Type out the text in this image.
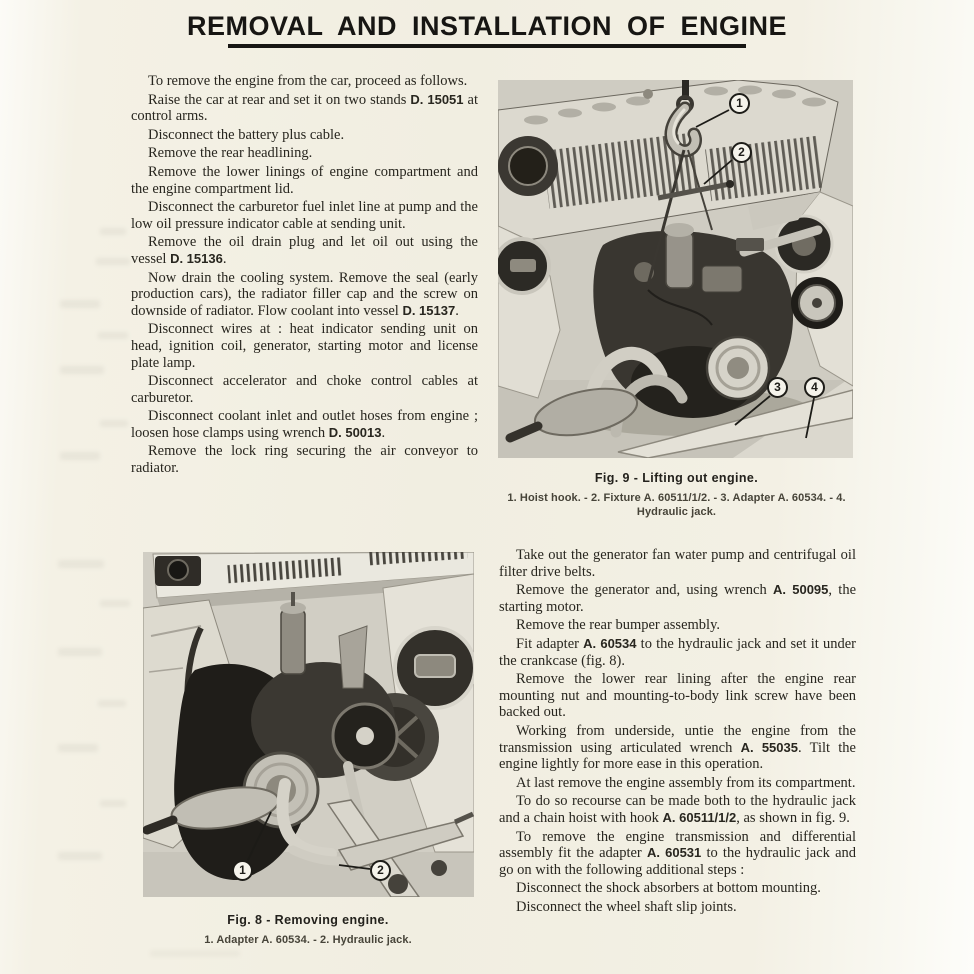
REMOVAL AND INSTALLATION OF ENGINE

To remove the engine from the car, proceed as follows.

Raise the car at rear and set it on two stands D. 15051 at control arms.

Disconnect the battery plus cable.

Remove the rear headlining.

Remove the lower linings of engine compartment and the engine compartment lid.

Disconnect the carburetor fuel inlet line at pump and the low oil pressure indicator cable at sending unit.

Remove the oil drain plug and let oil out using the vessel D. 15136.

Now drain the cooling system. Remove the seal (early production cars), the radiator filler cap and the screw on downside of radiator. Flow coolant into vessel D. 15137.

Disconnect wires at : heat indicator sending unit on head, ignition coil, generator, starting motor and license plate lamp.

Disconnect accelerator and choke control cables at carburetor.

Disconnect coolant inlet and outlet hoses from engine ; loosen hose clamps using wrench D. 50013.

Remove the lock ring securing the air conveyor to radiator.

1
2
3	4
Fig. 9 - Lifting out engine.
1. Hoist hook. - 2. Fixture A. 60511/1/2. - 3. Adapter A. 60534. - 4. Hydraulic jack.
1	2
Fig. 8 - Removing engine.
1. Adapter A. 60534. - 2. Hydraulic jack.

Take out the generator fan water pump and centrifugal oil filter drive belts.

Remove the generator and, using wrench A. 50095, the starting motor.

Remove the rear bumper assembly.

Fit adapter A. 60534 to the hydraulic jack and set it under the crankcase (fig. 8).

Remove the lower rear lining after the engine rear mounting nut and mounting-to-body link screw have been backed out.

Working from underside, untie the engine from the transmission using articulated wrench A. 55035. Tilt the engine lightly for more ease in this operation.

At last remove the engine assembly from its compartment.

To do so recourse can be made both to the hydraulic jack and a chain hoist with hook A. 60511/1/2, as shown in fig. 9.

To remove the engine transmission and differential assembly fit the adapter A. 60531 to the hydraulic jack and go on with the following additional steps :

Disconnect the shock absorbers at bottom mounting.

Disconnect the wheel shaft slip joints.
